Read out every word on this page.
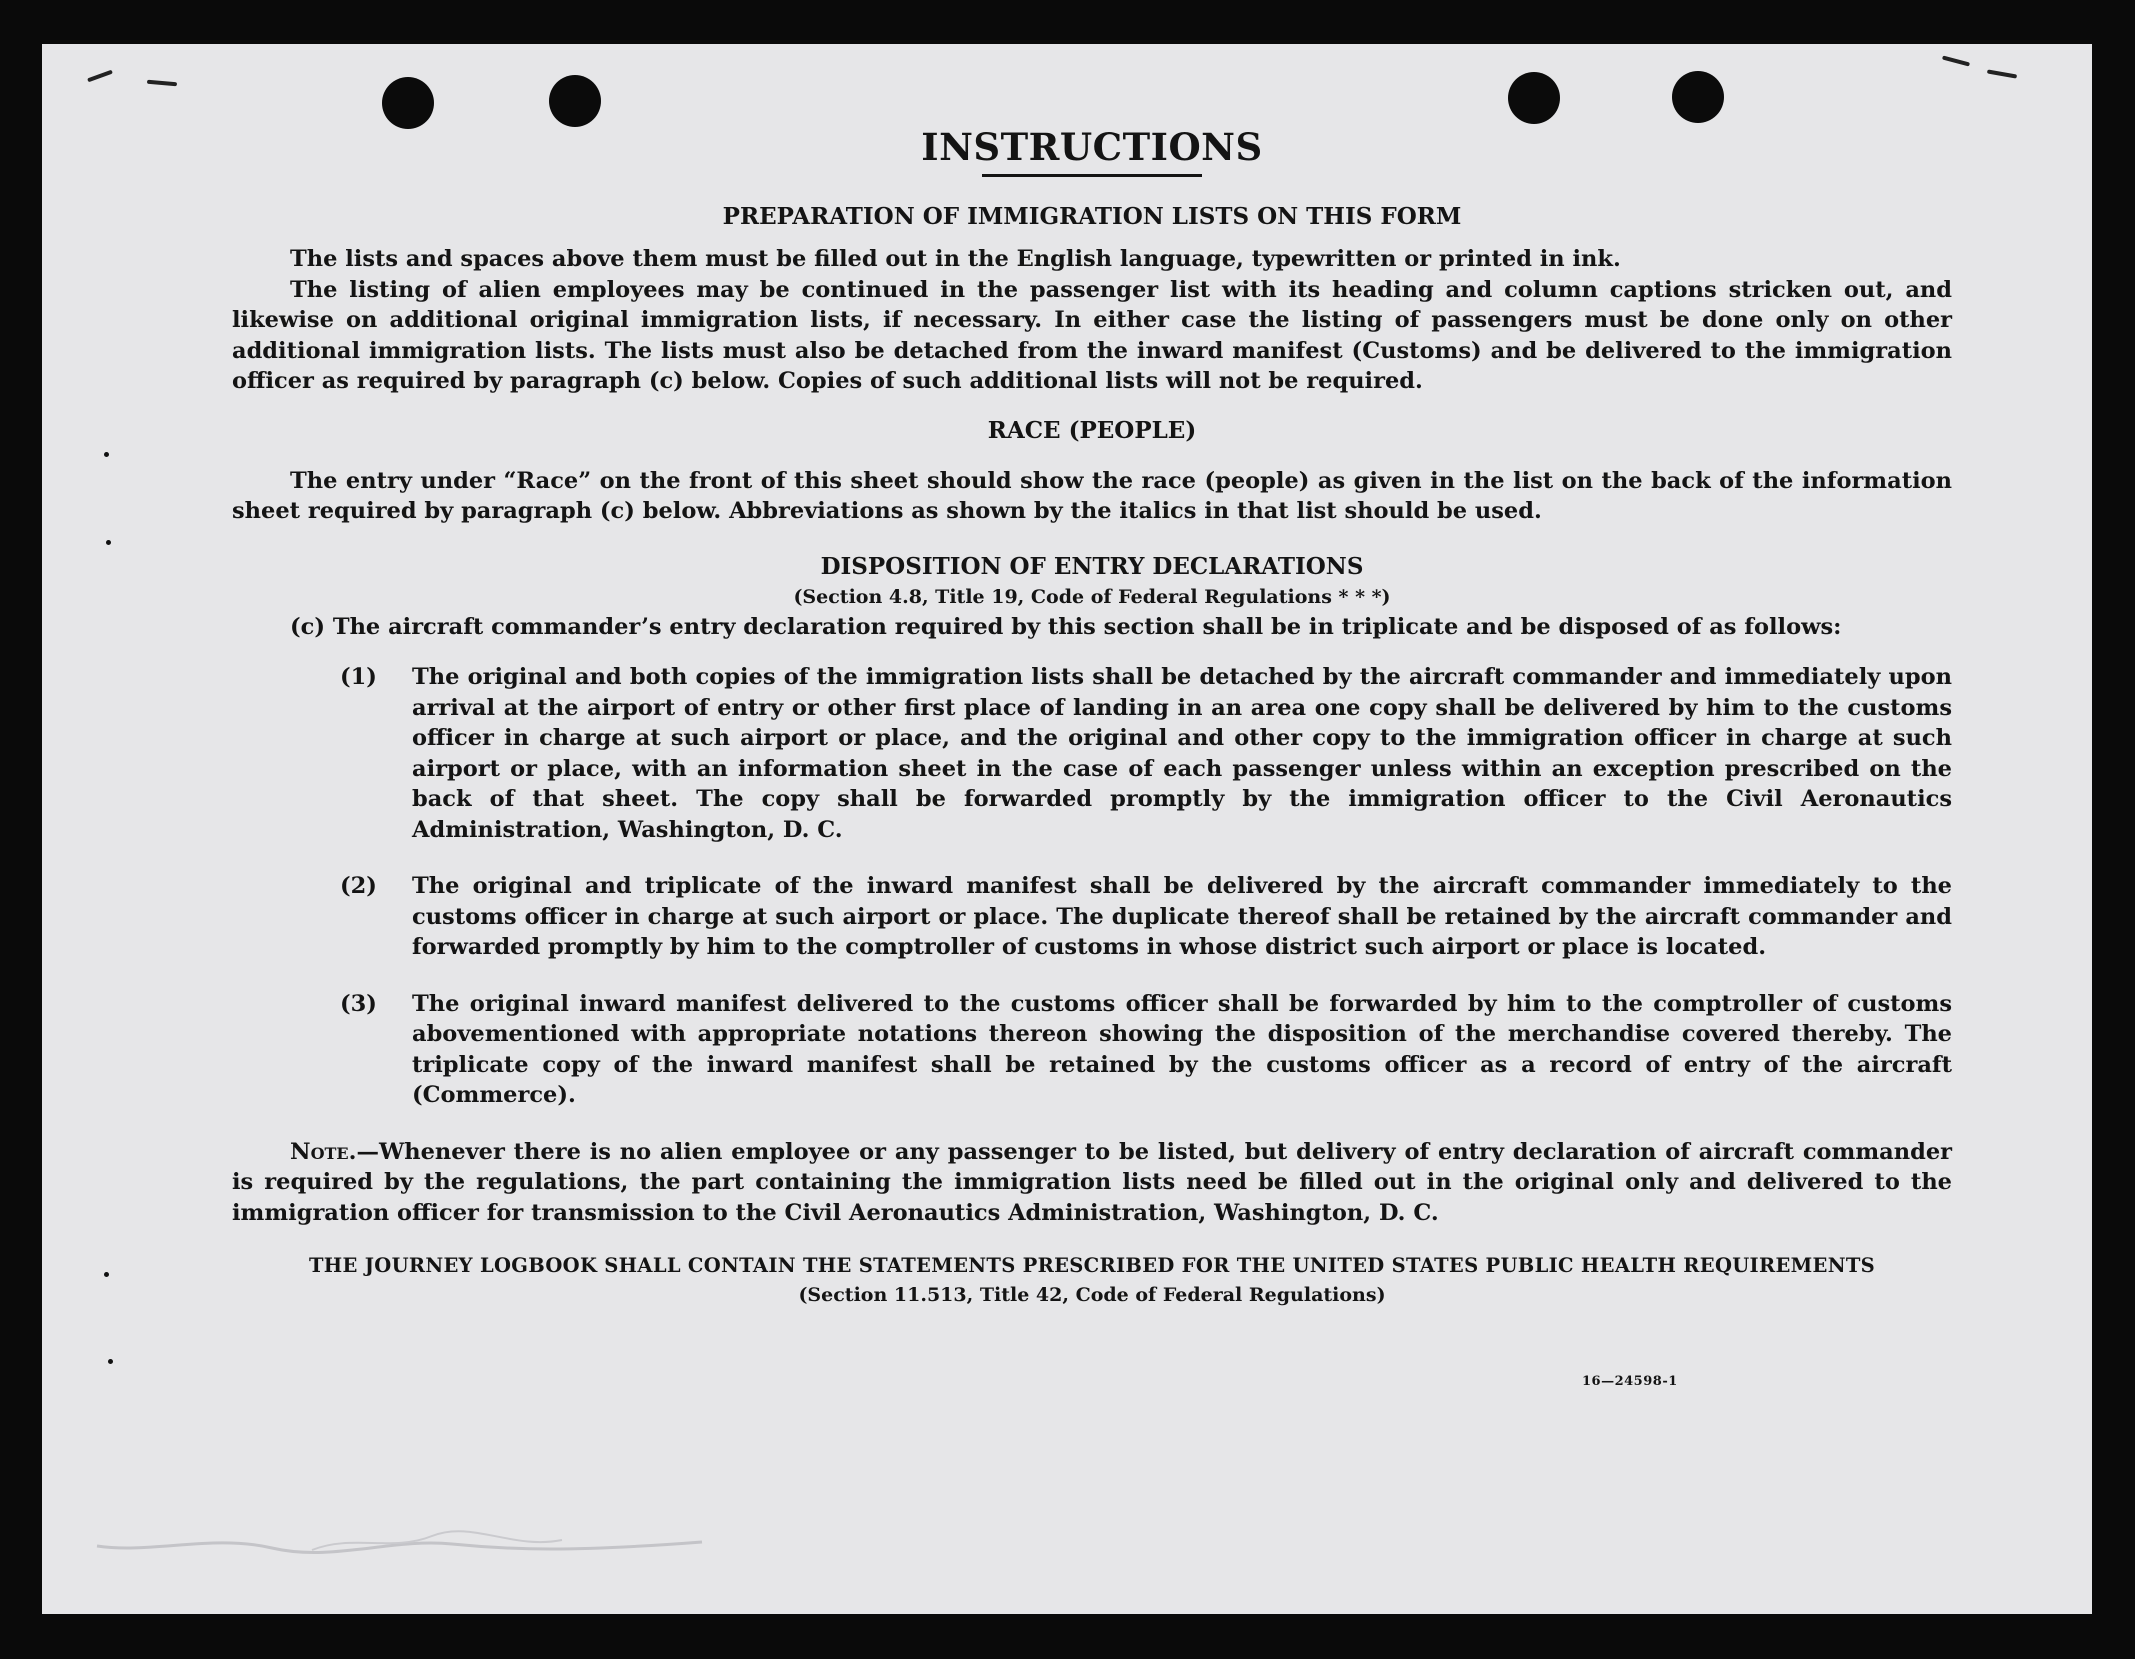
INSTRUCTIONS
PREPARATION OF IMMIGRATION LISTS ON THIS FORM

The lists and spaces above them must be filled out in the English language, typewritten or printed in ink.

The listing of alien employees may be continued in the passenger list with its heading and column captions stricken out, and likewise on additional original immigration lists, if necessary. In either case the listing of passengers must be done only on other additional immigration lists. The lists must also be detached from the inward manifest (Customs) and be delivered to the immigration officer as required by paragraph (c) below. Copies of such additional lists will not be required.

RACE (PEOPLE)

The entry under “Race” on the front of this sheet should show the race (people) as given in the list on the back of the information sheet required by paragraph (c) below. Abbreviations as shown by the italics in that list should be used.

DISPOSITION OF ENTRY DECLARATIONS
(Section 4.8, Title 19, Code of Federal Regulations * * *)

(c) The aircraft commander’s entry declaration required by this section shall be in triplicate and be disposed of as follows:

(1) The original and both copies of the immigration lists shall be detached by the aircraft commander and immediately upon arrival at the airport of entry or other first place of landing in an area one copy shall be delivered by him to the customs officer in charge at such airport or place, and the original and other copy to the immigration officer in charge at such airport or place, with an information sheet in the case of each passenger unless within an exception prescribed on the back of that sheet. The copy shall be forwarded promptly by the immigration officer to the Civil Aeronautics Administration, Washington, D. C.
(2) The original and triplicate of the inward manifest shall be delivered by the aircraft commander immediately to the customs officer in charge at such airport or place. The duplicate thereof shall be retained by the aircraft commander and forwarded promptly by him to the comptroller of customs in whose district such airport or place is located.
(3) The original inward manifest delivered to the customs officer shall be forwarded by him to the comptroller of customs abovementioned with appropriate notations thereon showing the disposition of the merchandise covered thereby. The triplicate copy of the inward manifest shall be retained by the customs officer as a record of entry of the aircraft (Commerce).

Note.—Whenever there is no alien employee or any passenger to be listed, but delivery of entry declaration of aircraft commander is required by the regulations, the part containing the immigration lists need be filled out in the original only and delivered to the immigration officer for transmission to the Civil Aeronautics Administration, Washington, D. C.

THE JOURNEY LOGBOOK SHALL CONTAIN THE STATEMENTS PRESCRIBED FOR THE UNITED STATES PUBLIC HEALTH REQUIREMENTS

(Section 11.513, Title 42, Code of Federal Regulations)
16—24598-1
